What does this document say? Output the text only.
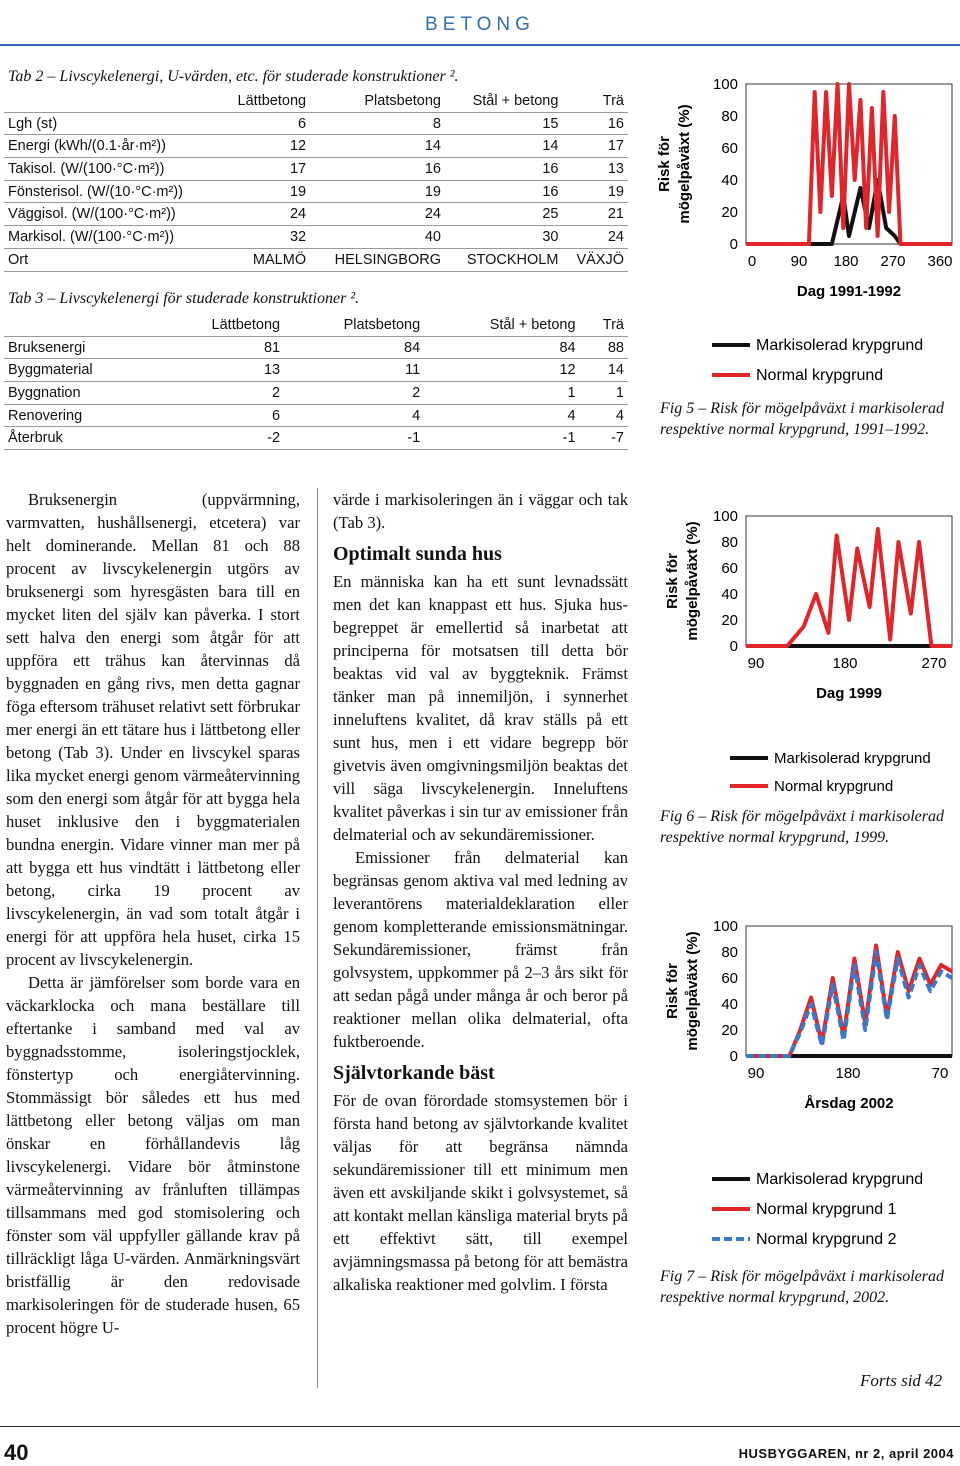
BETONG
Tab 2 – Livscykelenergi, U-värden, etc. för studerade konstruktioner ².
	Lättbetong	Platsbetong	Stål + betong	Trä
Lgh (st)	6	8	15	16
Energi (kWh/(0.1·år·m²))	12	14	14	17
Takisol. (W/(100·°C·m²))	17	16	16	13
Fönsterisol. (W/(10·°C·m²))	19	19	16	19
Väggisol. (W/(100·°C·m²))	24	24	25	21
Markisol. (W/(100·°C·m²))	32	40	30	24
Ort	MALMÖ	HELSINGBORG	STOCKHOLM	VÄXJÖ
Tab 3 – Livscykelenergi för studerade konstruktioner ².
	Lättbetong	Platsbetong	Stål + betong	Trä
Bruksenergi	81	84	84	88
Byggmaterial	13	11	12	14
Byggnation	2	2	1	1
Renovering	6	4	4	4
Återbruk	-2	-1	-1	-7
Risk för mögelpåväxt (%)
100
80
60
40
20
0
0 90 180 270 360
Dag 1991-1992
Markisolerad krypgrund
Normal krypgrund
Fig 5 – Risk för mögelpåväxt i markisolerad respektive normal krypgrund, 1991–1992.
Risk för mögelpåväxt (%)
100
80
60
40
20
0
90	180	270
Dag 1999
Markisolerad krypgrund
Normal krypgrund
Fig 6 – Risk för mögelpåväxt i markisolerad respektive normal krypgrund, 1999.
Risk för mögelpåväxt (%)
100
80
60
40
20
0
90	180	70
Årsdag 2002
Markisolerad krypgrund
Normal krypgrund 1
Normal krypgrund 2
Fig 7 – Risk för mögelpåväxt i markisolerad respektive normal krypgrund, 2002.

Bruksenergin (uppvärmning, varmvatten, hushållsenergi, etcetera) var helt dominerande. Mellan 81 och 88 procent av livscykelenergin utgörs av bruksenergi som hyresgästen bara till en mycket liten del själv kan påverka. I stort sett halva den energi som åtgår för att uppföra ett trähus kan återvinnas då byggnaden en gång rivs, men detta gagnar föga eftersom trähuset relativt sett förbrukar mer energi än ett tätare hus i lättbetong eller betong (Tab 3). Under en livscykel sparas lika mycket energi genom värmeåtervinning som den energi som åtgår för att bygga hela huset inklusive den i byggmaterialen bundna energin. Vidare vinner man mer på att bygga ett hus vindtätt i lättbetong eller betong, cirka 19 procent av livscykelenergin, än vad som totalt åtgår i energi för att uppföra hela huset, cirka 15 procent av livscykelenergin.

Detta är jämförelser som borde vara en väckarklocka och mana beställare till eftertanke i samband med val av byggnadsstomme, isoleringstjocklek, fönstertyp och energiåtervinning. Stommässigt bör således ett hus med lättbetong eller betong väljas om man önskar en förhållandevis låg livscykelenergi. Vidare bör åtminstone värmeåtervinning av frånluften tillämpas tillsammans med god stomisolering och fönster som väl uppfyller gällande krav på tillräckligt låga U-värden. Anmärkningsvärt bristfällig är den redovisade markisoleringen för de studerade husen, 65 procent högre U-

värde i markisoleringen än i väggar och tak (Tab 3).

Optimalt sunda hus

En människa kan ha ett sunt levnadssätt men det kan knappast ett hus. Sjuka hus-begreppet är emellertid så inarbetat att principerna för motsatsen till detta bör beaktas vid val av byggteknik. Främst tänker man på innemiljön, i synnerhet inneluftens kvalitet, då krav ställs på ett sunt hus, men i ett vidare begrepp bör givetvis även omgivningsmiljön beaktas det vill säga livscykelenergin. Inneluftens kvalitet påverkas i sin tur av emissioner från delmaterial och av sekundäremissioner.

Emissioner från delmaterial kan begränsas genom aktiva val med ledning av leverantörens materialdeklaration eller genom kompletterande emissionsmätningar. Sekundäremissioner, främst från golvsystem, uppkommer på 2–3 års sikt för att sedan pågå under många år och beror på reaktioner mellan olika delmaterial, ofta fuktberoende.

Självtorkande bäst

För de ovan förordade stomsystemen bör i första hand betong av självtorkande kvalitet väljas för att begränsa nämnda sekundäremissioner till ett minimum men även ett avskiljande skikt i golvsystemet, så att kontakt mellan känsliga material bryts på ett effektivt sätt, till exempel avjämningsmassa på betong för att bemästra alkaliska reaktioner med golvlim. I första

Forts sid 42
40	HUSBYGGAREN, nr 2, april 2004
